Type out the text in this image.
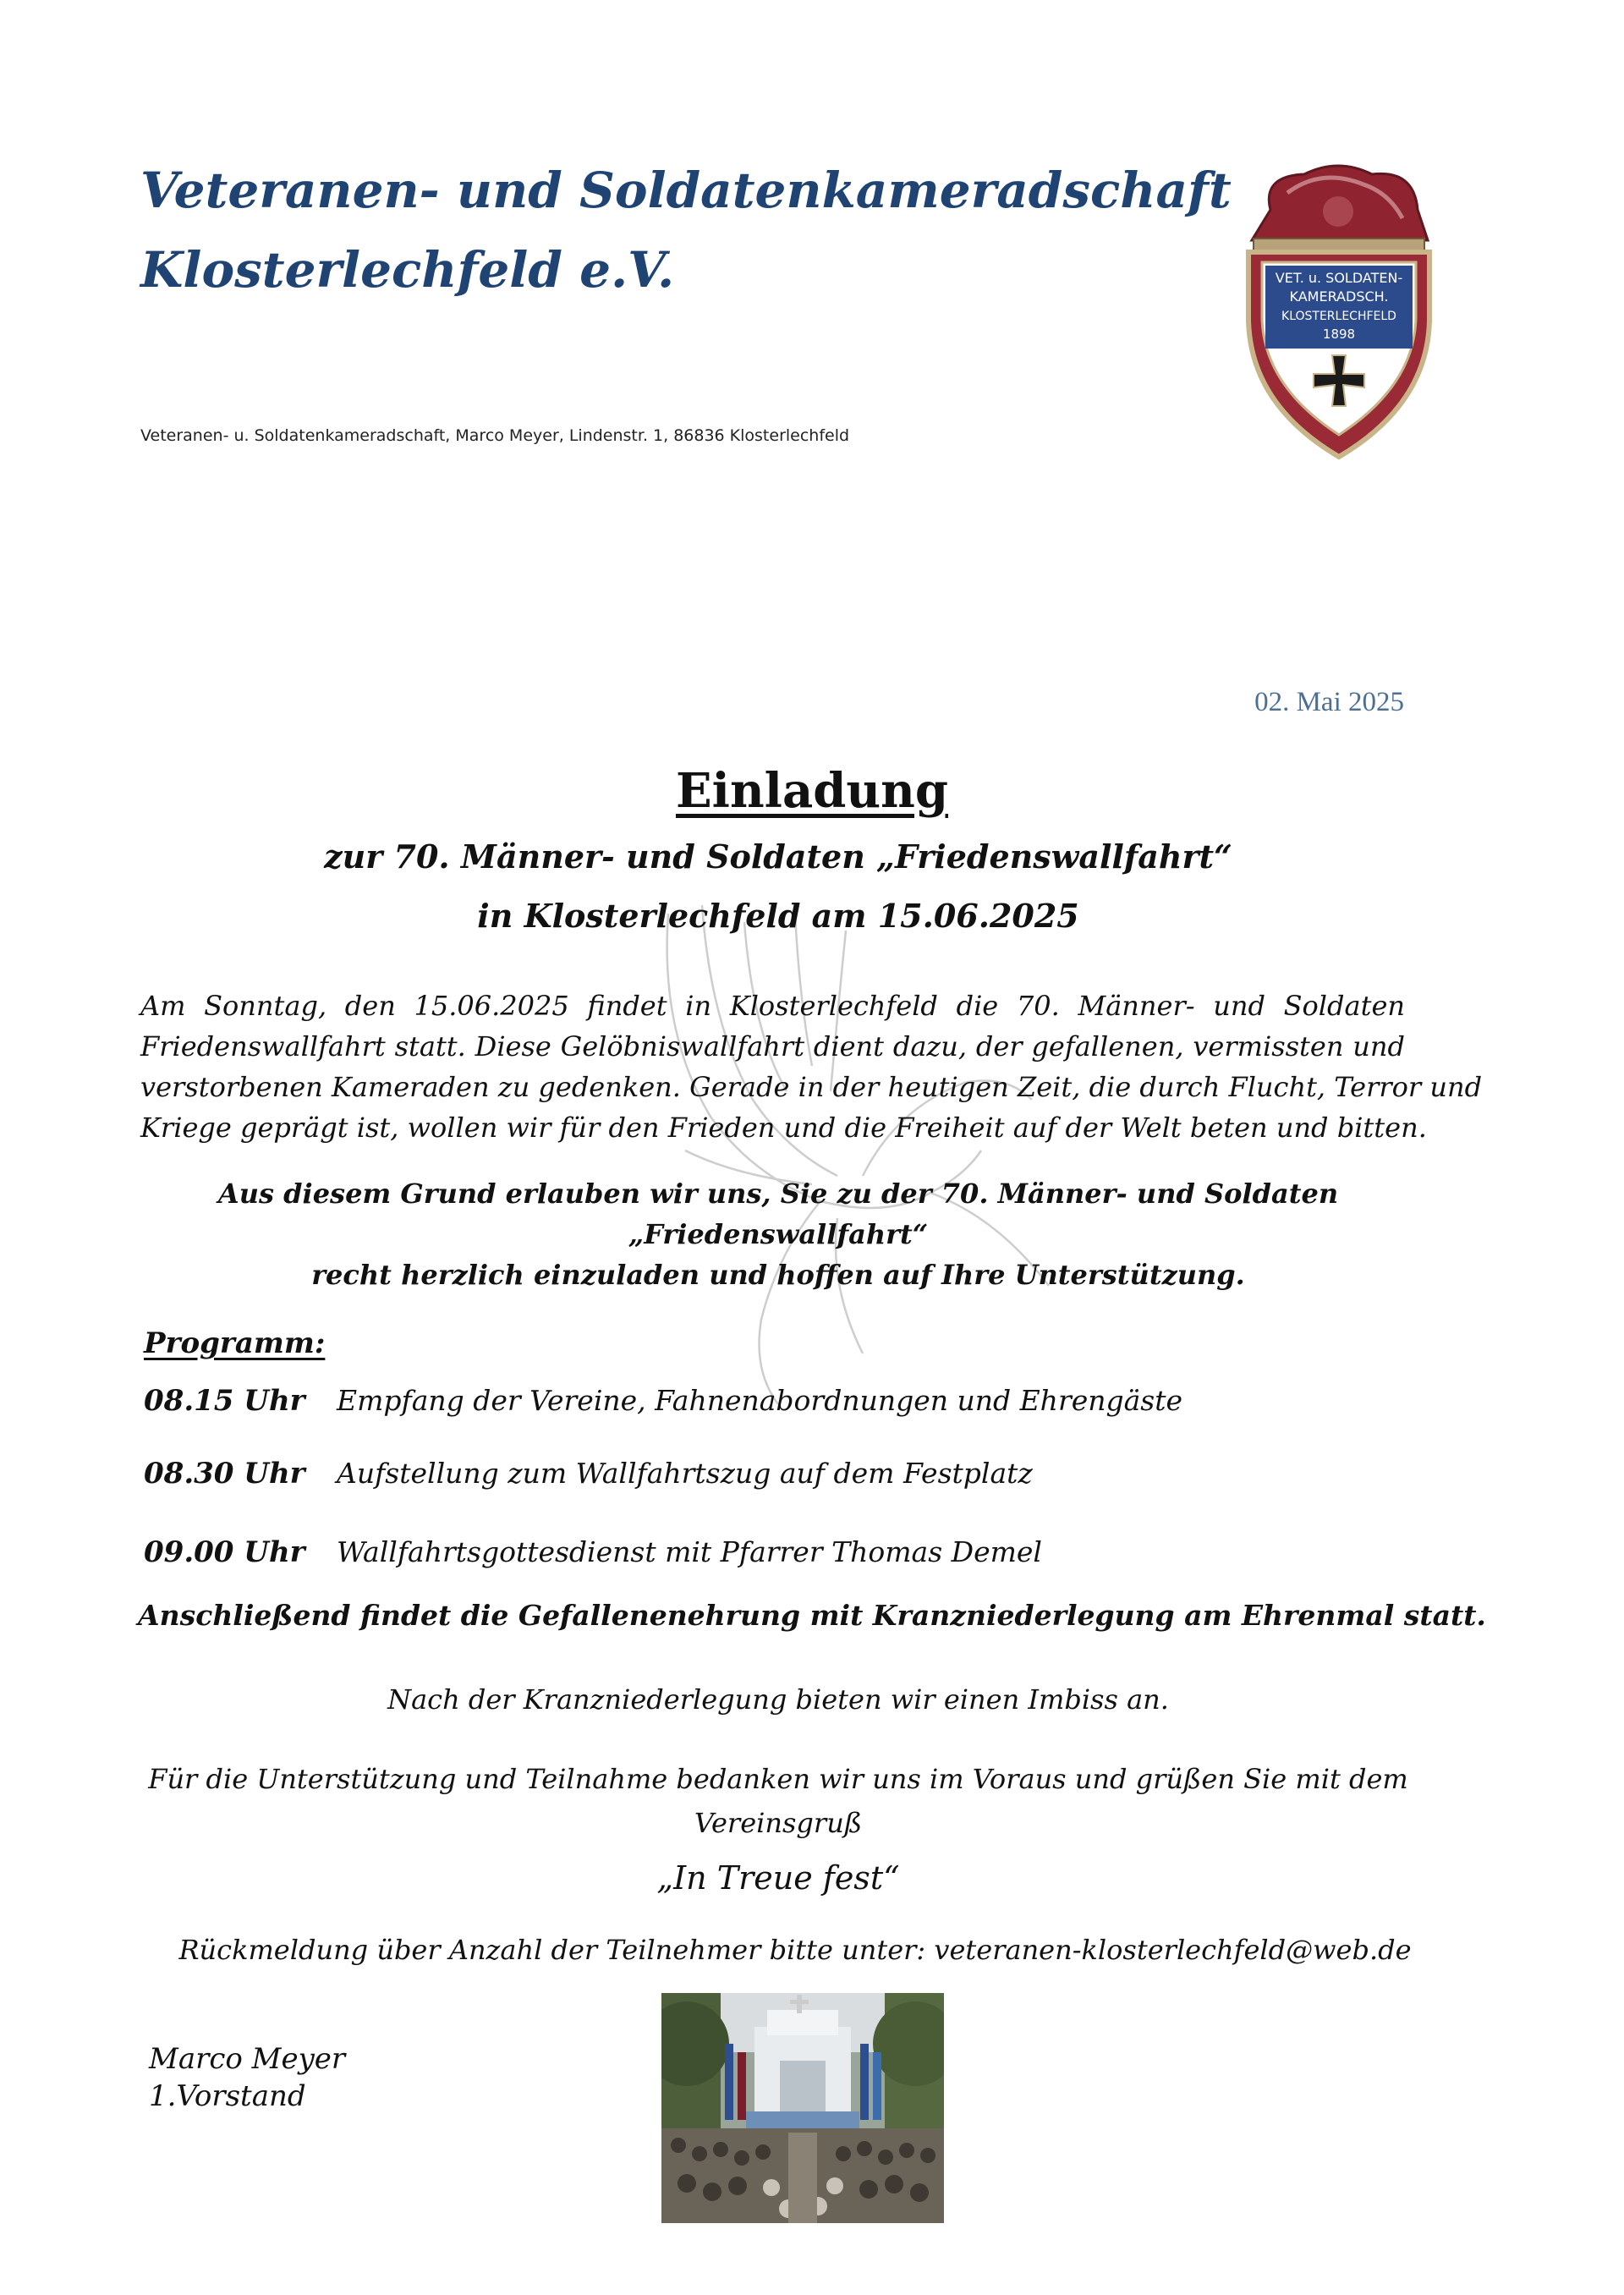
Veteranen- und Soldatenkameradschaft
Klosterlechfeld e.V.
Veteranen- u. Soldatenkameradschaft, Marco Meyer, Lindenstr. 1, 86836 Klosterlechfeld
VET. u. SOLDATEN-
KAMERADSCH.
KLOSTERLECHFELD
1898
02. Mai 2025
Einladung
zur 70. Männer- und Soldaten „Friedenswallfahrt“
in Klosterlechfeld am 15.06.2025
Am Sonntag, den 15.06.2025 findet in Klosterlechfeld die 70. Männer- und Soldaten
Friedenswallfahrt statt. Diese Gelöbniswallfahrt dient dazu, der gefallenen, vermissten und
verstorbenen Kameraden zu gedenken. Gerade in der heutigen Zeit, die durch Flucht, Terror und
Kriege geprägt ist, wollen wir für den Frieden und die Freiheit auf der Welt beten und bitten.
Aus diesem Grund erlauben wir uns, Sie zu der 70. Männer- und Soldaten
„Friedenswallfahrt“
recht herzlich einzuladen und hoffen auf Ihre Unterstützung.
Programm:
08.15 Uhr Empfang der Vereine, Fahnenabordnungen und Ehrengäste
08.30 Uhr Aufstellung zum Wallfahrtszug auf dem Festplatz
09.00 Uhr Wallfahrtsgottesdienst mit Pfarrer Thomas Demel
Anschließend findet die Gefallenenehrung mit Kranzniederlegung am Ehrenmal statt.
Nach der Kranzniederlegung bieten wir einen Imbiss an.
Für die Unterstützung und Teilnahme bedanken wir uns im Voraus und grüßen Sie mit dem
Vereinsgruß
„In Treue fest“
Rückmeldung über Anzahl der Teilnehmer bitte unter: veteranen-klosterlechfeld@web.de
Marco Meyer
1.Vorstand
